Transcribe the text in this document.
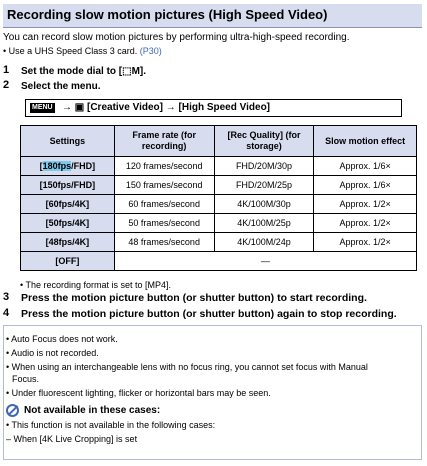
Recording slow motion pictures (High Speed Video)
You can record slow motion pictures by performing ultra-high-speed recording.
• Use a UHS Speed Class 3 card. (P30)
1 Set the mode dial to [⬚M].
2 Select the menu.
MENU → ▣ [Creative Video] → [High Speed Video]
Settings	Frame rate (for recording)	[Rec Quality] (for storage)	Slow motion effect
[180fps/FHD]	120 frames/second	FHD/20M/30p	Approx. 1/6×
[150fps/FHD]	150 frames/second	FHD/20M/25p	Approx. 1/6×
[60fps/4K]	60 frames/second	4K/100M/30p	Approx. 1/2×
[50fps/4K]	50 frames/second	4K/100M/25p	Approx. 1/2×
[48fps/4K]	48 frames/second	4K/100M/24p	Approx. 1/2×
[OFF]	—		
• The recording format is set to [MP4].
3 Press the motion picture button (or shutter button) to start recording.
4 Press the motion picture button (or shutter button) again to stop recording.
• Auto Focus does not work.
• Audio is not recorded.
• When using an interchangeable lens with no focus ring, you cannot set focus with Manual
Focus.
• Under fluorescent lighting, flicker or horizontal bars may be seen.
Not available in these cases:
• This function is not available in the following cases:
– When [4K Live Cropping] is set
